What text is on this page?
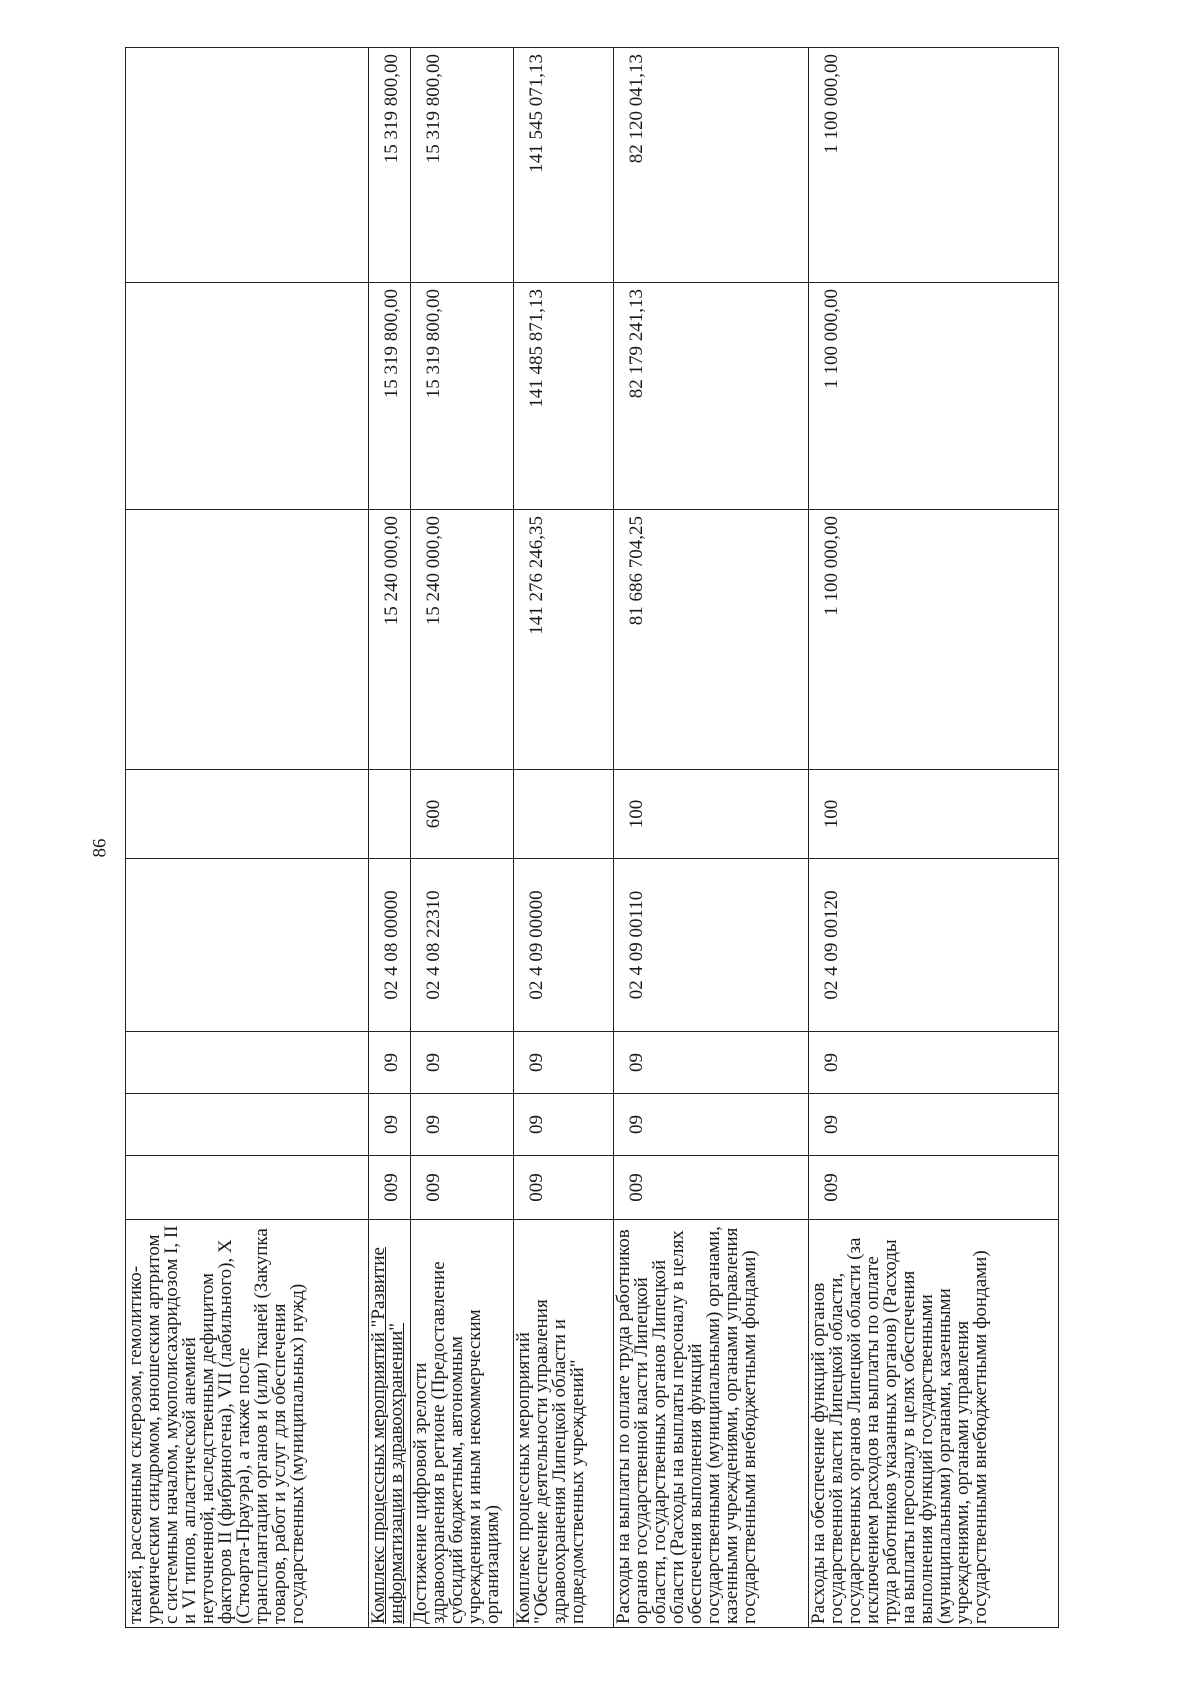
86
тканей, рассеянным склерозом, гемолитико-уремическим синдромом, юношеским артритом с системным началом, мукополисахаридозом I, II и VI типов, апластической анемией неуточненной, наследственным дефицитом факторов II (фибриногена), VII (лабильного), X (Стюарта-Прауэра), а также после трансплантации органов и (или) тканей (Закупка товаров, работ и услуг для обеспечения государственных (муниципальных) нужд)								
Комплекс процессных мероприятий "Развитие информатизации в здравоохранении"	009	09	09	02 4 08 00000		15 240 000,00	15 319 800,00	15 319 800,00
Достижение цифровой зрелости здравоохранения в регионе (Предоставление субсидий бюджетным, автономным учреждениям и иным некоммерческим организациям)	009	09	09	02 4 08 22310	600	15 240 000,00	15 319 800,00	15 319 800,00
Комплекс процессных мероприятий "Обеспечение деятельности управления здравоохранения Липецкой области и подведомственных учреждений"	009	09	09	02 4 09 00000		141 276 246,35	141 485 871,13	141 545 071,13
Расходы на выплаты по оплате труда работников органов государственной власти Липецкой области, государственных органов Липецкой области (Расходы на выплаты персоналу в целях обеспечения выполнения функций государственными (муниципальными) органами, казенными учреждениями, органами управления государственными внебюджетными фондами)	009	09	09	02 4 09 00110	100	81 686 704,25	82 179 241,13	82 120 041,13
Расходы на обеспечение функций органов государственной власти Липецкой области, государственных органов Липецкой области (за исключением расходов на выплаты по оплате труда работников указанных органов) (Расходы на выплаты персоналу в целях обеспечения выполнения функций государственными (муниципальными) органами, казенными учреждениями, органами управления государственными внебюджетными фондами)	009	09	09	02 4 09 00120	100	1 100 000,00	1 100 000,00	1 100 000,00
